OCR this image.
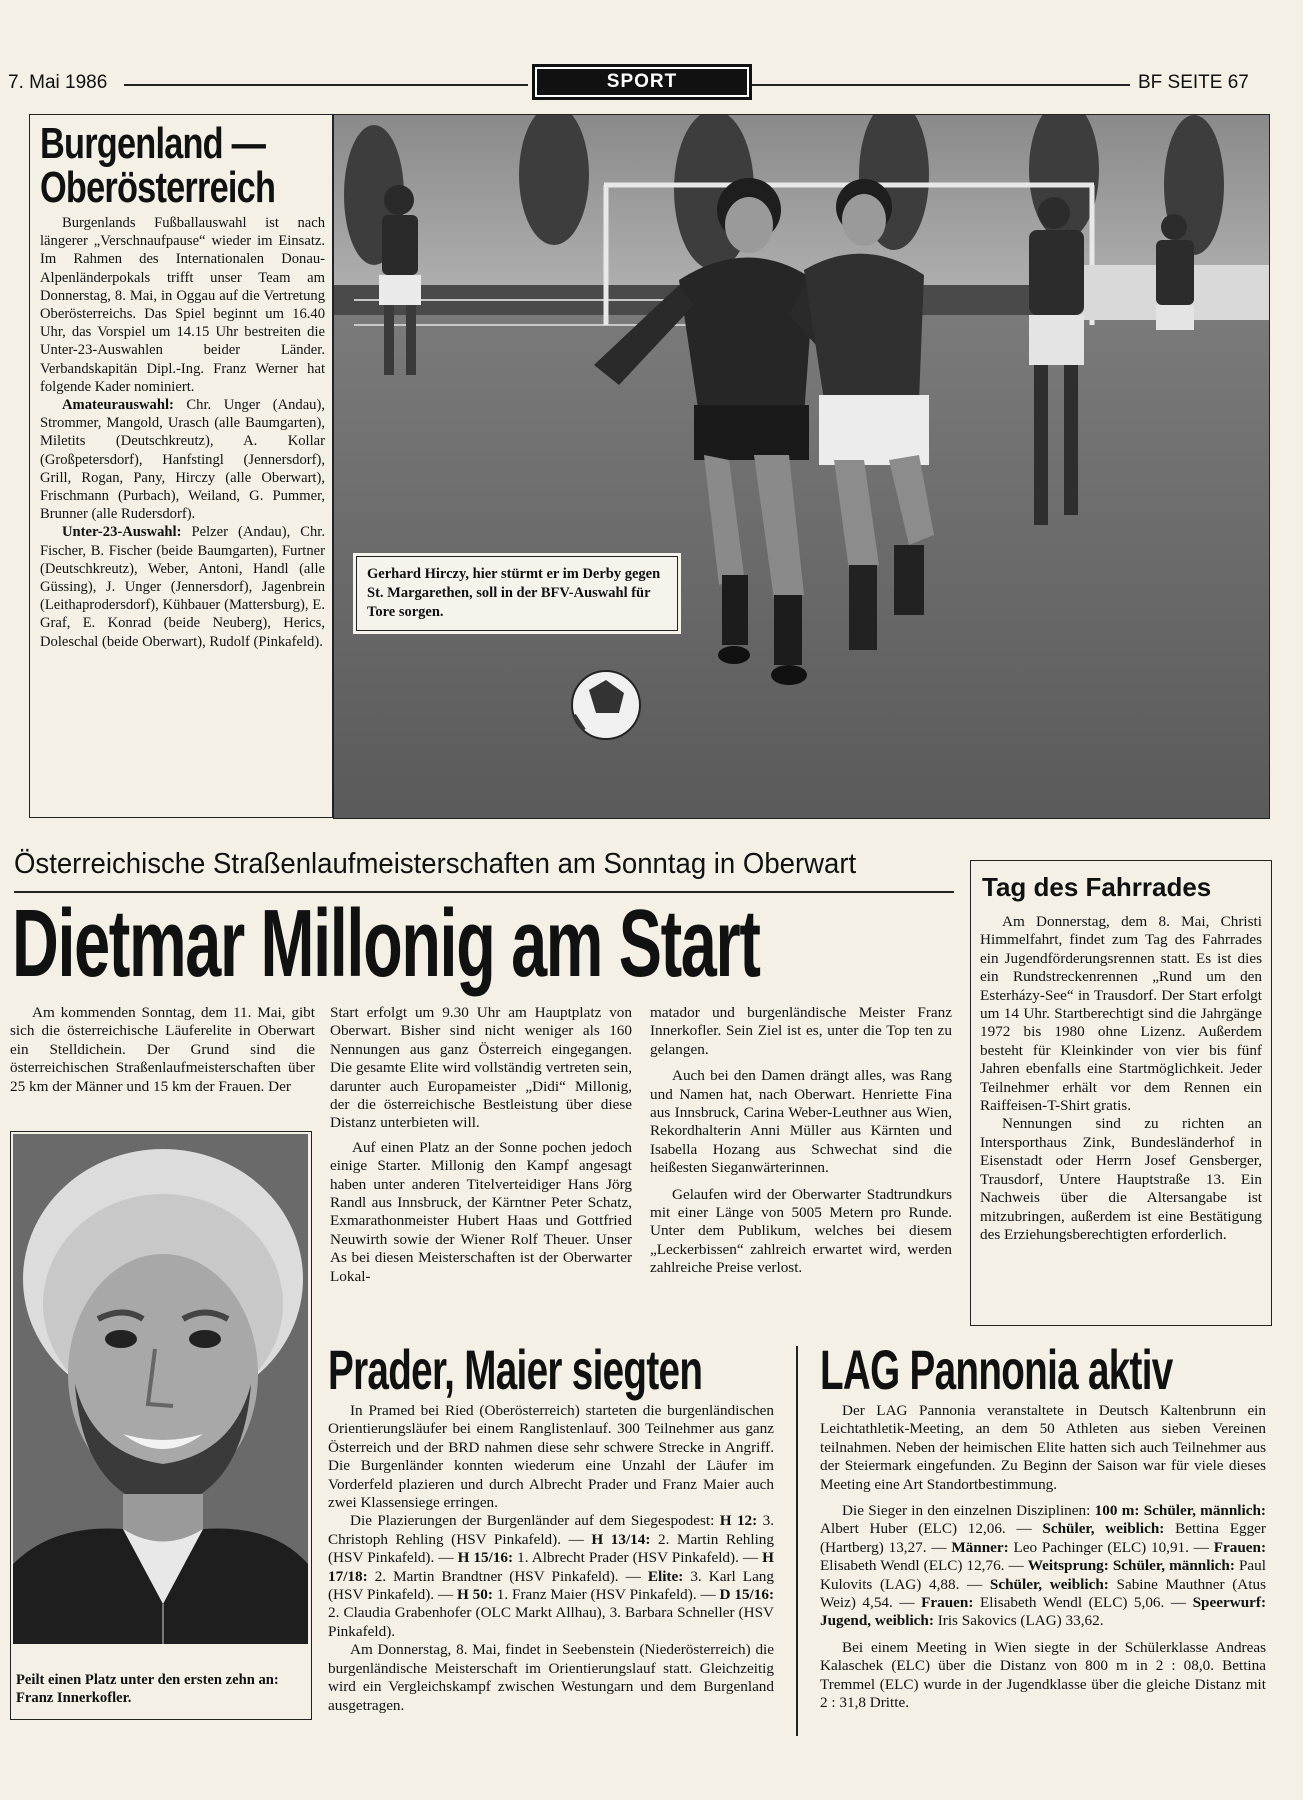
7. Mai 1986	SPORT	BF SEITE 67
Burgenland —
Oberösterreich

Burgenlands Fußballauswahl ist nach längerer „Verschnaufpause“ wieder im Einsatz. Im Rahmen des Internationalen Donau-Alpenländerpokals trifft unser Team am Donnerstag, 8. Mai, in Oggau auf die Vertretung Oberösterreichs. Das Spiel beginnt um 16.40 Uhr, das Vorspiel um 14.15 Uhr bestreiten die Unter-23-Auswahlen beider Länder. Verbandskapitän Dipl.-Ing. Franz Werner hat folgende Kader nominiert.

Amateurauswahl: Chr. Unger (Andau), Strommer, Mangold, Urasch (alle Baumgarten), Miletits (Deutschkreutz), A. Kollar (Großpetersdorf), Hanfstingl (Jennersdorf), Grill, Rogan, Pany, Hirczy (alle Oberwart), Frischmann (Purbach), Weiland, G. Pummer, Brunner (alle Rudersdorf).

Unter-23-Auswahl: Pelzer (Andau), Chr. Fischer, B. Fischer (beide Baumgarten), Furtner (Deutschkreutz), Weber, Antoni, Handl (alle Güssing), J. Unger (Jennersdorf), Jagenbrein (Leithaprodersdorf), Kühbauer (Mattersburg), E. Graf, E. Konrad (beide Neuberg), Herics, Doleschal (beide Oberwart), Rudolf (Pinkafeld).

Gerhard Hirczy, hier stürmt er im Derby gegen St. Margarethen, soll in der BFV-Auswahl für Tore sorgen.
Österreichische Straßenlaufmeisterschaften am Sonntag in Oberwart
Dietmar Millonig am Start

Am kommenden Sonntag, dem 11. Mai, gibt sich die österreichische Läuferelite in Oberwart ein Stelldichein. Der Grund sind die österreichischen Straßenlaufmeisterschaften über 25 km der Männer und 15 km der Frauen. Der

Start erfolgt um 9.30 Uhr am Hauptplatz von Oberwart. Bisher sind nicht weniger als 160 Nennungen aus ganz Österreich eingegangen. Die gesamte Elite wird vollständig vertreten sein, darunter auch Europameister „Didi“ Millonig, der die österreichische Bestleistung über diese Distanz unterbieten will.

Auf einen Platz an der Sonne pochen jedoch einige Starter. Millonig den Kampf angesagt haben unter anderen Titelverteidiger Hans Jörg Randl aus Innsbruck, der Kärntner Peter Schatz, Exmarathonmeister Hubert Haas und Gottfried Neuwirth sowie der Wiener Rolf Theuer. Unser As bei diesen Meisterschaften ist der Oberwarter Lokal-

matador und burgenländische Meister Franz Innerkofler. Sein Ziel ist es, unter die Top ten zu gelangen.

Auch bei den Damen drängt alles, was Rang und Namen hat, nach Oberwart. Henriette Fina aus Innsbruck, Carina Weber-Leuthner aus Wien, Rekordhalterin Anni Müller aus Kärnten und Isabella Hozang aus Schwechat sind die heißesten Sieganwärterinnen.

Gelaufen wird der Oberwarter Stadtrundkurs mit einer Länge von 5005 Metern pro Runde. Unter dem Publikum, welches bei diesem „Leckerbissen“ zahlreich erwartet wird, werden zahlreiche Preise verlost.

Peilt einen Platz unter den ersten zehn an: Franz Innerkofler.
Tag des Fahrrades

Am Donnerstag, dem 8. Mai, Christi Himmelfahrt, findet zum Tag des Fahrrades ein Jugendförderungsrennen statt. Es ist dies ein Rundstreckenrennen „Rund um den Esterházy-See“ in Trausdorf. Der Start erfolgt um 14 Uhr. Startberechtigt sind die Jahrgänge 1972 bis 1980 ohne Lizenz. Außerdem besteht für Kleinkinder von vier bis fünf Jahren ebenfalls eine Startmöglichkeit. Jeder Teilnehmer erhält vor dem Rennen ein Raiffeisen-T-Shirt gratis.

Nennungen sind zu richten an Intersporthaus Zink, Bundesländerhof in Eisenstadt oder Herrn Josef Gensberger, Trausdorf, Untere Hauptstraße 13. Ein Nachweis über die Altersangabe ist mitzubringen, außerdem ist eine Bestätigung des Erziehungsberechtigten erforderlich.

Prader, Maier siegten

In Pramed bei Ried (Oberösterreich) starteten die burgenländischen Orientierungsläufer bei einem Ranglistenlauf. 300 Teilnehmer aus ganz Österreich und der BRD nahmen diese sehr schwere Strecke in Angriff. Die Burgenländer konnten wiederum eine Unzahl der Läufer im Vorderfeld plazieren und durch Albrecht Prader und Franz Maier auch zwei Klassensiege erringen.

Die Plazierungen der Burgenländer auf dem Siegespodest: H 12: 3. Christoph Rehling (HSV Pinkafeld). — H 13/14: 2. Martin Rehling (HSV Pinkafeld). — H 15/16: 1. Albrecht Prader (HSV Pinkafeld). — H 17/18: 2. Martin Brandtner (HSV Pinkafeld). — Elite: 3. Karl Lang (HSV Pinkafeld). — H 50: 1. Franz Maier (HSV Pinkafeld). — D 15/16: 2. Claudia Grabenhofer (OLC Markt Allhau), 3. Barbara Schneller (HSV Pinkafeld).

Am Donnerstag, 8. Mai, findet in Seebenstein (Niederösterreich) die burgenländische Meisterschaft im Orientierungslauf statt. Gleichzeitig wird ein Vergleichskampf zwischen Westungarn und dem Burgenland ausgetragen.

LAG Pannonia aktiv

Der LAG Pannonia veranstaltete in Deutsch Kaltenbrunn ein Leichtathletik-Meeting, an dem 50 Athleten aus sieben Vereinen teilnahmen. Neben der heimischen Elite hatten sich auch Teilnehmer aus der Steiermark eingefunden. Zu Beginn der Saison war für viele dieses Meeting eine Art Standortbestimmung.

Die Sieger in den einzelnen Disziplinen: 100 m: Schüler, männlich: Albert Huber (ELC) 12,06. — Schüler, weiblich: Bettina Egger (Hartberg) 13,27. — Männer: Leo Pachinger (ELC) 10,91. — Frauen: Elisabeth Wendl (ELC) 12,76. — Weitsprung: Schüler, männlich: Paul Kulovits (LAG) 4,88. — Schüler, weiblich: Sabine Mauthner (Atus Weiz) 4,54. — Frauen: Elisabeth Wendl (ELC) 5,06. — Speerwurf: Jugend, weiblich: Iris Sakovics (LAG) 33,62.

Bei einem Meeting in Wien siegte in der Schülerklasse Andreas Kalaschek (ELC) über die Distanz von 800 m in 2 : 08,0. Bettina Tremmel (ELC) wurde in der Jugendklasse über die gleiche Distanz mit 2 : 31,8 Dritte.
